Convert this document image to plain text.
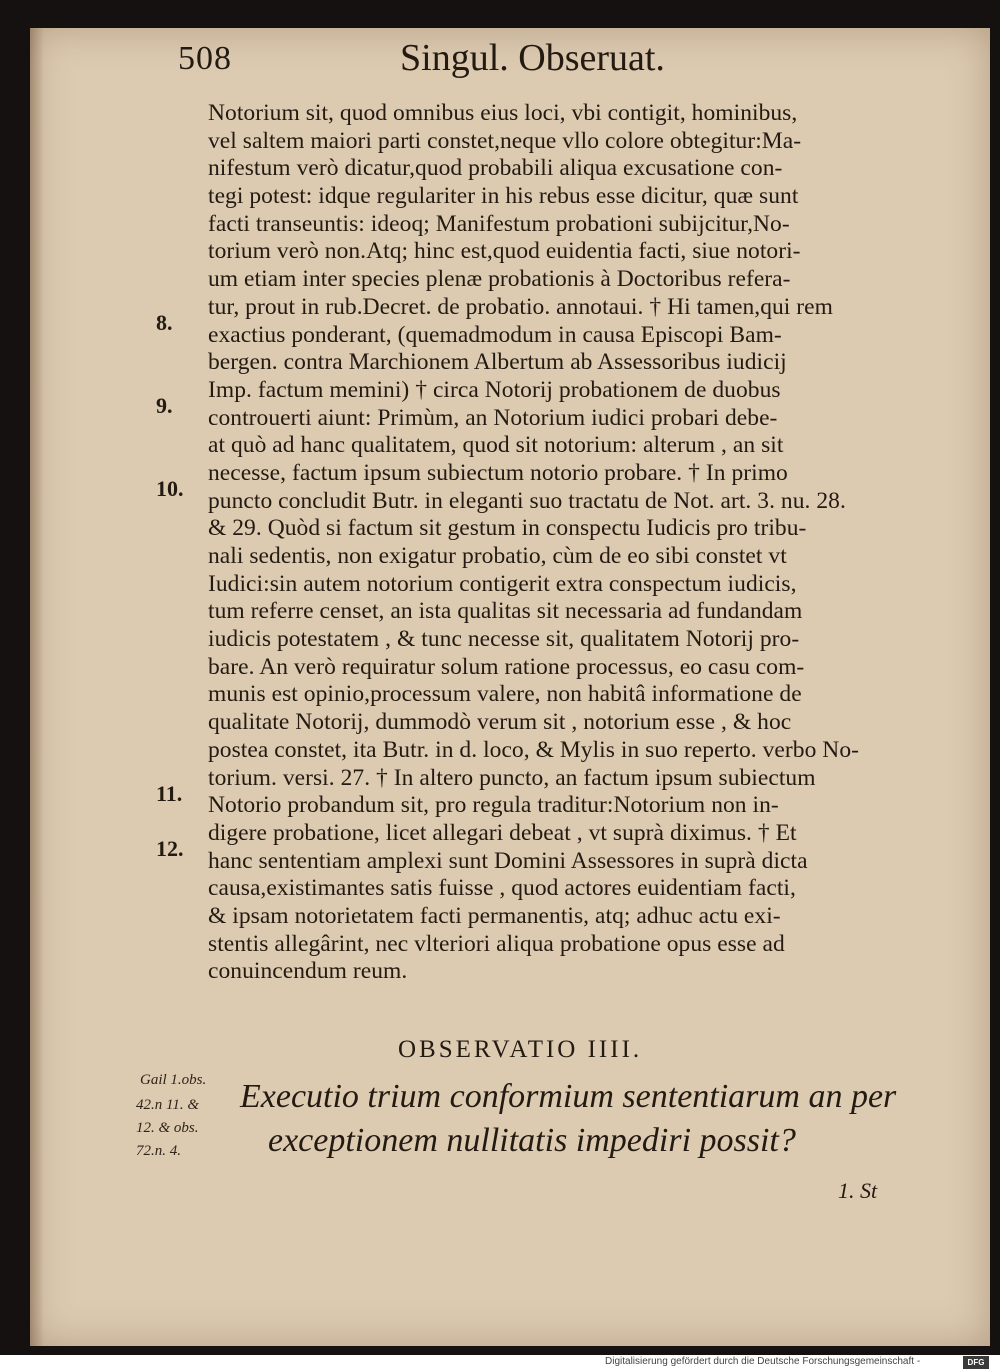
508	Singul. Obseruat.
Notorium sit, quod omnibus eius loci, vbi contigit, hominibus,
vel saltem maiori parti constet,neque vllo colore obtegitur:Ma-
nifestum verò dicatur,quod probabili aliqua excusatione con-
tegi potest: idque regulariter in his rebus esse dicitur, quæ sunt
facti transeuntis: ideoq; Manifestum probationi subijcitur,No-
torium verò non.Atq; hinc est,quod euidentia facti, siue notori-
um etiam inter species plenæ probationis à Doctoribus refera-
tur, prout in rub.Decret. de probatio. annotaui. † Hi tamen,qui rem
exactius ponderant, (quemadmodum in causa Episcopi Bam-
bergen. contra Marchionem Albertum ab Assessoribus iudicij
Imp. factum memini) † circa Notorij probationem de duobus
controuerti aiunt: Primùm, an Notorium iudici probari debe-
at quò ad hanc qualitatem, quod sit notorium: alterum , an sit
necesse, factum ipsum subiectum notorio probare. † In primo
puncto concludit Butr. in eleganti suo tractatu de Not. art. 3. nu. 28.
& 29. Quòd si factum sit gestum in conspectu Iudicis pro tribu-
nali sedentis, non exigatur probatio, cùm de eo sibi constet vt
Iudici:sin autem notorium contigerit extra conspectum iudicis,
tum referre censet, an ista qualitas sit necessaria ad fundandam
iudicis potestatem , & tunc necesse sit, qualitatem Notorij pro-
bare. An verò requiratur solum ratione processus, eo casu com-
munis est opinio,processum valere, non habitâ informatione de
qualitate Notorij, dummodò verum sit , notorium esse , & hoc
postea constet, ita Butr. in d. loco, & Mylis in suo reperto. verbo No-
torium. versi. 27. † In altero puncto, an factum ipsum subiectum
Notorio probandum sit, pro regula traditur:Notorium non in-
digere probatione, licet allegari debeat , vt suprà diximus. † Et
hanc sententiam amplexi sunt Domini Assessores in suprà dicta
causa,existimantes satis fuisse , quod actores euidentiam facti,
& ipsam notorietatem facti permanentis, atq; adhuc actu exi-
stentis allegârint, nec vlteriori aliqua probatione opus esse ad
conuincendum reum.
8.
9.
10.
11.
12.
OBSERVATIO IIII.
Gail 1.obs.
42.n 11. &
12. & obs.
72.n. 4.
Executio trium conformium sententiarum an per
exceptionem nullitatis impediri possit?
1. St
Digitalisierung gefördert durch die Deutsche Forschungsgemeinschaft -	DFG
